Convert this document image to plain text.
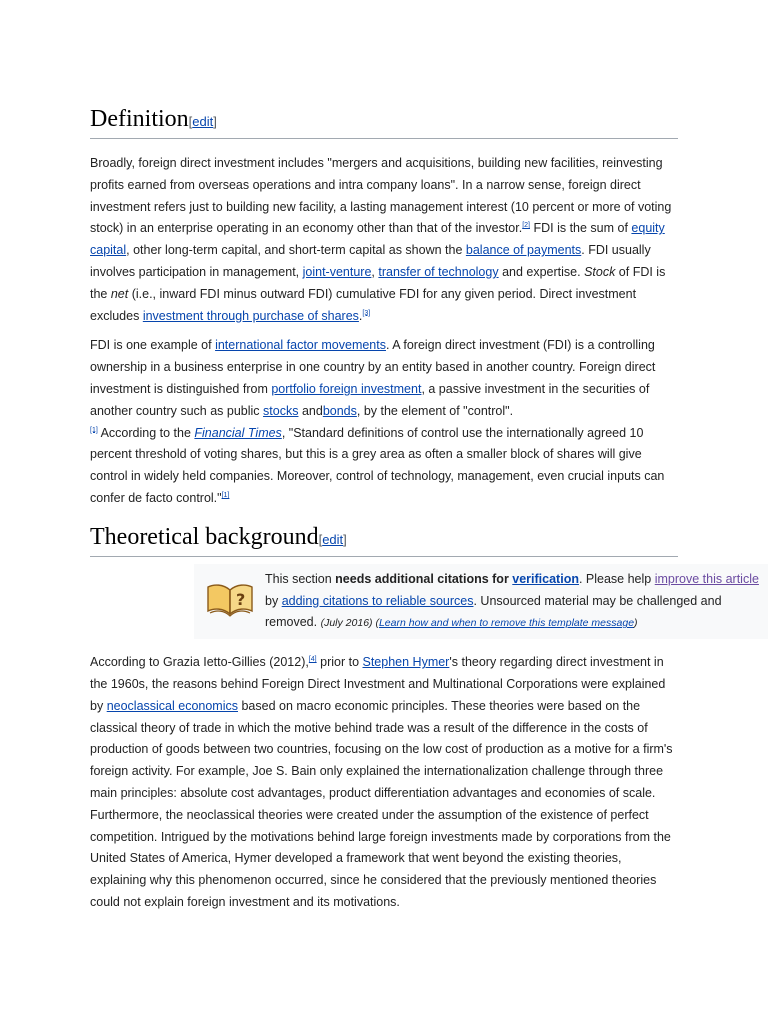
Definition[edit]

Broadly, foreign direct investment includes "mergers and acquisitions, building new facilities, reinvesting profits earned from overseas operations and intra company loans". In a narrow sense, foreign direct investment refers just to building new facility, a lasting management interest (10 percent or more of voting stock) in an enterprise operating in an economy other than that of the investor.[2] FDI is the sum of equity capital, other long-term capital, and short-term capital as shown the balance of payments. FDI usually involves participation in management, joint-venture, transfer of technology and expertise. Stock of FDI is the net (i.e., inward FDI minus outward FDI) cumulative FDI for any given period. Direct investment excludes investment through purchase of shares.[3]

FDI is one example of international factor movements. A foreign direct investment (FDI) is a controlling ownership in a business enterprise in one country by an entity based in another country. Foreign direct investment is distinguished from portfolio foreign investment, a passive investment in the securities of another country such as public stocks andbonds, by the element of "control".
[1] According to the Financial Times, "Standard definitions of control use the internationally agreed 10 percent threshold of voting shares, but this is a grey area as often a smaller block of shares will give control in widely held companies. Moreover, control of technology, management, even crucial inputs can confer de facto control."[1]

Theoretical background[edit]
?

This section needs additional citations for verification. Please help improve this article by adding citations to reliable sources. Unsourced material may be challenged and removed. (July 2016) (Learn how and when to remove this template message)

According to Grazia Ietto-Gillies (2012),[4] prior to Stephen Hymer's theory regarding direct investment in the 1960s, the reasons behind Foreign Direct Investment and Multinational Corporations were explained by neoclassical economics based on macro economic principles. These theories were based on the classical theory of trade in which the motive behind trade was a result of the difference in the costs of production of goods between two countries, focusing on the low cost of production as a motive for a firm's foreign activity. For example, Joe S. Bain only explained the internationalization challenge through three main principles: absolute cost advantages, product differentiation advantages and economies of scale. Furthermore, the neoclassical theories were created under the assumption of the existence of perfect competition. Intrigued by the motivations behind large foreign investments made by corporations from the United States of America, Hymer developed a framework that went beyond the existing theories, explaining why this phenomenon occurred, since he considered that the previously mentioned theories could not explain foreign investment and its motivations.
